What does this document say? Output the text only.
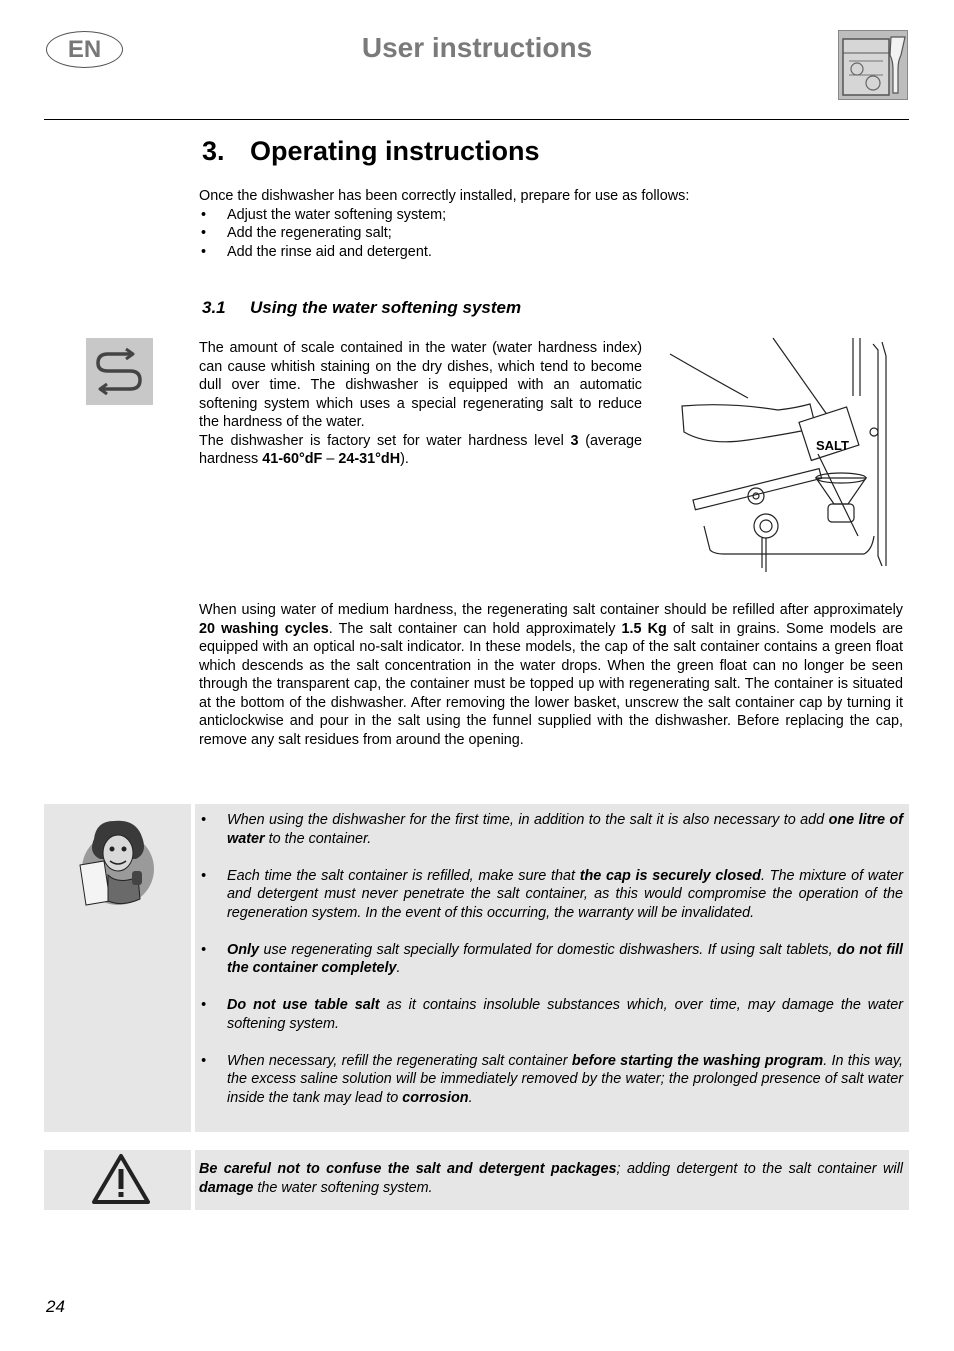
EN	User instructions
3. Operating instructions
Once the dishwasher has been correctly installed, prepare for use as follows:
• Adjust the water softening system;
• Add the regenerating salt;
• Add the rinse aid and detergent.
3.1 Using the water softening system
The amount of scale contained in the water (water hardness index) can cause whitish staining on the dry dishes, which tend to become dull over time. The dishwasher is equipped with an automatic softening system which uses a special regenerating salt to reduce the hardness of the water.
The dishwasher is factory set for water hardness level 3 (average hardness 41-60°dF – 24-31°dH).
SALT
When using water of medium hardness, the regenerating salt container should be refilled after approximately 20 washing cycles. The salt container can hold approximately 1.5 Kg of salt in grains. Some models are equipped with an optical no-salt indicator. In these models, the cap of the salt container contains a green float which descends as the salt concentration in the water drops. When the green float can no longer be seen through the transparent cap, the container must be topped up with regenerating salt. The container is situated at the bottom of the dishwasher. After removing the lower basket, unscrew the salt container cap by turning it anticlockwise and pour in the salt using the funnel supplied with the dishwasher. Before replacing the cap, remove any salt residues from around the opening.
• When using the dishwasher for the first time, in addition to the salt it is also necessary to add one litre of water to the container.
• Each time the salt container is refilled, make sure that the cap is securely closed. The mixture of water and detergent must never penetrate the salt container, as this would compromise the operation of the regeneration system. In the event of this occurring, the warranty will be invalidated.
• Only use regenerating salt specially formulated for domestic dishwashers. If using salt tablets, do not fill the container completely.
• Do not use table salt as it contains insoluble substances which, over time, may damage the water softening system.
• When necessary, refill the regenerating salt container before starting the washing program. In this way, the excess saline solution will be immediately removed by the water; the prolonged presence of salt water inside the tank may lead to corrosion.
Be careful not to confuse the salt and detergent packages; adding detergent to the salt container will damage the water softening system.
24
